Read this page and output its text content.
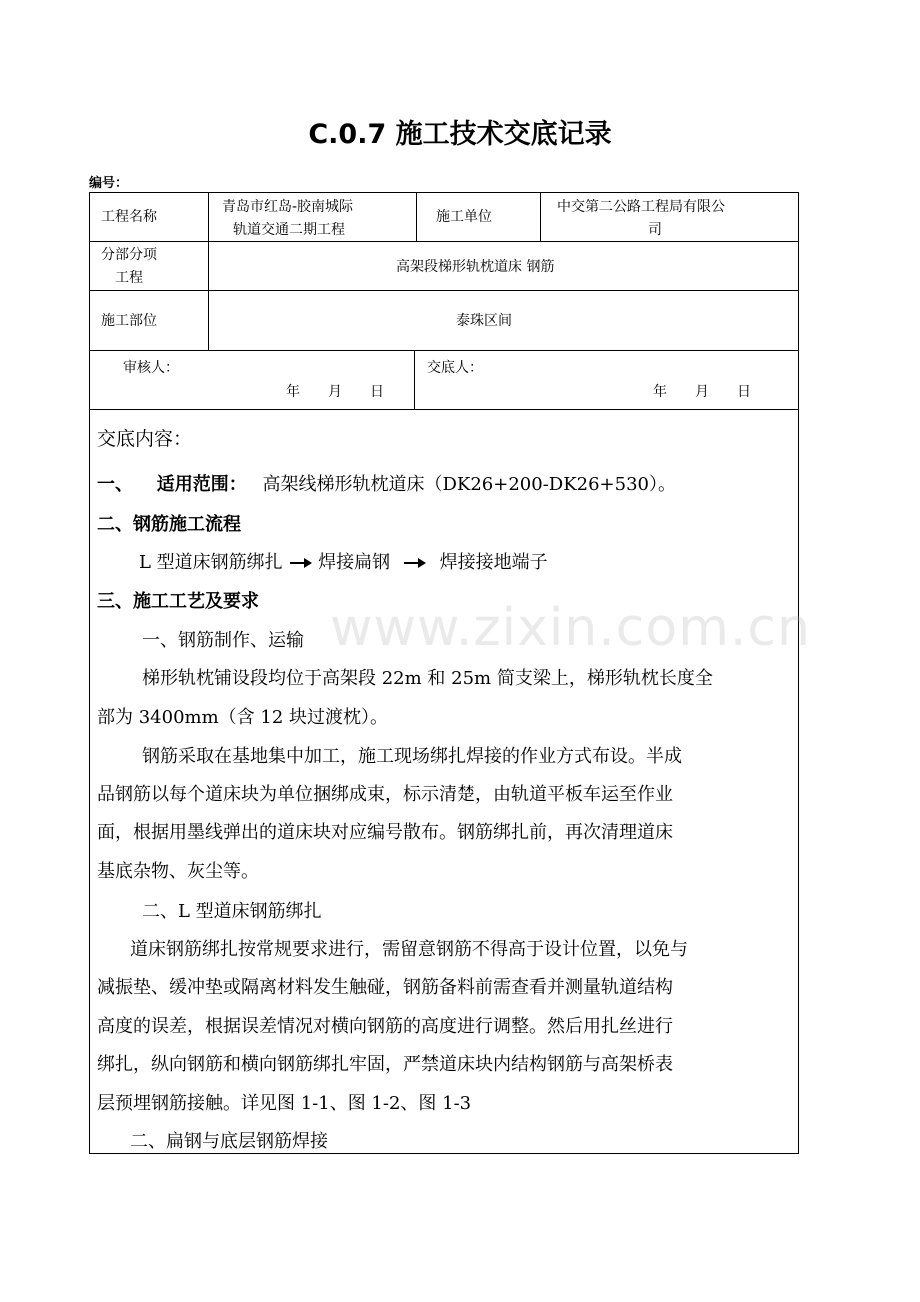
C.0.7 施工技术交底记录
编号：
工程名称
青岛市红岛-胶南城际
轨道交通二期工程
施工单位
中交第二公路工程局有限公
司
分部分项
工程
高架段梯形轨枕道床 钢筋
施工部位	泰珠区间
审核人：
年　　月　　日
交底人：
年　　月　　日
www.zixin.com.cn
交底内容：
一、 适用范围： 高架线梯形轨枕道床（DK26+200-DK26+530）。
二、钢筋施工流程
L 型道床钢筋绑扎 焊接扁钢	焊接接地端子
三、施工工艺及要求
一、钢筋制作、运输
梯形轨枕铺设段均位于高架段 22m 和 25m 简支梁上，梯形轨枕长度全
部为 3400mm（含 12 块过渡枕）。
钢筋采取在基地集中加工，施工现场绑扎焊接的作业方式布设。半成
品钢筋以每个道床块为单位捆绑成束，标示清楚，由轨道平板车运至作业
面，根据用墨线弹出的道床块对应编号散布。钢筋绑扎前，再次清理道床
基底杂物、灰尘等。
二、L 型道床钢筋绑扎
道床钢筋绑扎按常规要求进行，需留意钢筋不得高于设计位置，以免与
减振垫、缓冲垫或隔离材料发生触碰，钢筋备料前需查看并测量轨道结构
高度的误差，根据误差情况对横向钢筋的高度进行调整。然后用扎丝进行
绑扎，纵向钢筋和横向钢筋绑扎牢固，严禁道床块内结构钢筋与高架桥表
层预埋钢筋接触。详见图 1-1、图 1-2、图 1-3
二、扁钢与底层钢筋焊接
